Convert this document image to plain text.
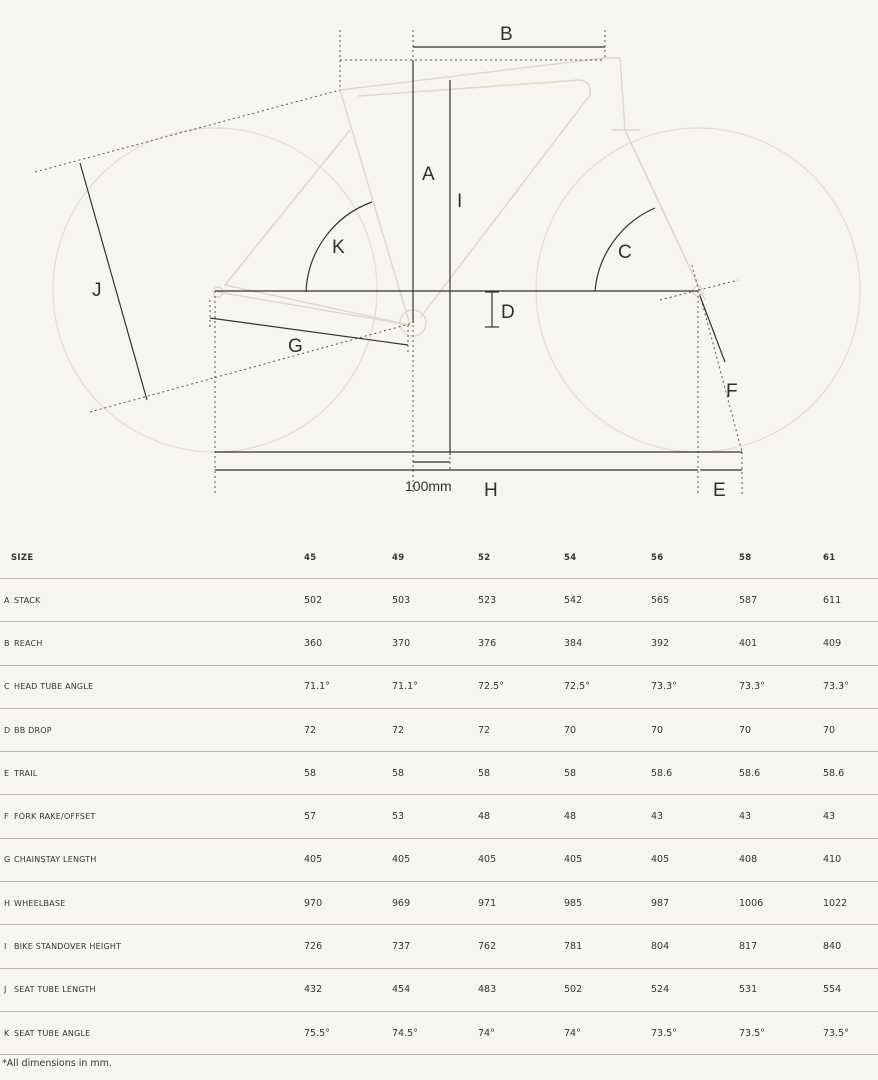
B
A
I
J
K	C
D
G
F
100mm H	E
SIZE		45	49	52	54	56	58	61
A	STACK	502	503	523	542	565	587	611
B	REACH	360	370	376	384	392	401	409
C	HEAD TUBE ANGLE	71.1°	71.1°	72.5°	72.5°	73.3°	73.3°	73.3°
D	BB DROP	72	72	72	70	70	70	70
E	TRAIL	58	58	58	58	58.6	58.6	58.6
F	FORK RAKE/OFFSET	57	53	48	48	43	43	43
G	CHAINSTAY LENGTH	405	405	405	405	405	408	410
H	WHEELBASE	970	969	971	985	987	1006	1022
I	BIKE STANDOVER HEIGHT	726	737	762	781	804	817	840
J	SEAT TUBE LENGTH	432	454	483	502	524	531	554
K	SEAT TUBE ANGLE	75.5°	74.5°	74°	74°	73.5°	73.5°	73.5°
*All dimensions in mm.
